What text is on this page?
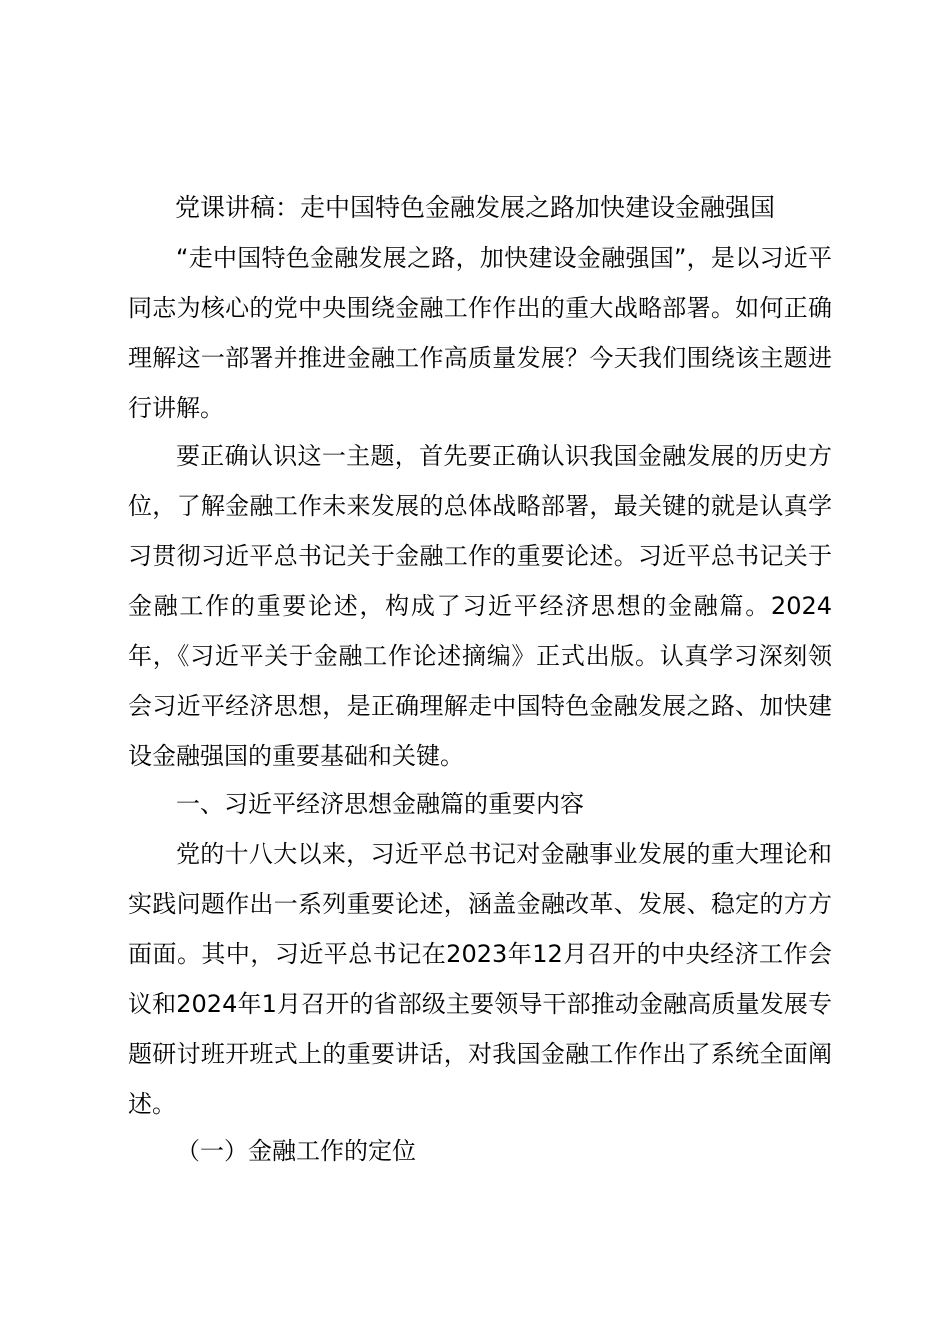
党课讲稿：走中国特色金融发展之路加快建设金融强国

“走中国特色金融发展之路，加快建设金融强国”，是以习近平同志为核心的党中央围绕金融工作作出的重大战略部署。如何正确理解这一部署并推进金融工作高质量发展？今天我们围绕该主题进行讲解。

要正确认识这一主题，首先要正确认识我国金融发展的历史方位，了解金融工作未来发展的总体战略部署，最关键的就是认真学习贯彻习近平总书记关于金融工作的重要论述。习近平总书记关于金融工作的重要论述，构成了习近平经济思想的金融篇。2024年，《习近平关于金融工作论述摘编》正式出版。认真学习深刻领会习近平经济思想，是正确理解走中国特色金融发展之路、加快建设金融强国的重要基础和关键。

一、习近平经济思想金融篇的重要内容

党的十八大以来，习近平总书记对金融事业发展的重大理论和实践问题作出一系列重要论述，涵盖金融改革、发展、稳定的方方面面。其中，习近平总书记在2023年12月召开的中央经济工作会议和2024年1月召开的省部级主要领导干部推动金融高质量发展专题研讨班开班式上的重要讲话，对我国金融工作作出了系统全面阐述。

（一）金融工作的定位
